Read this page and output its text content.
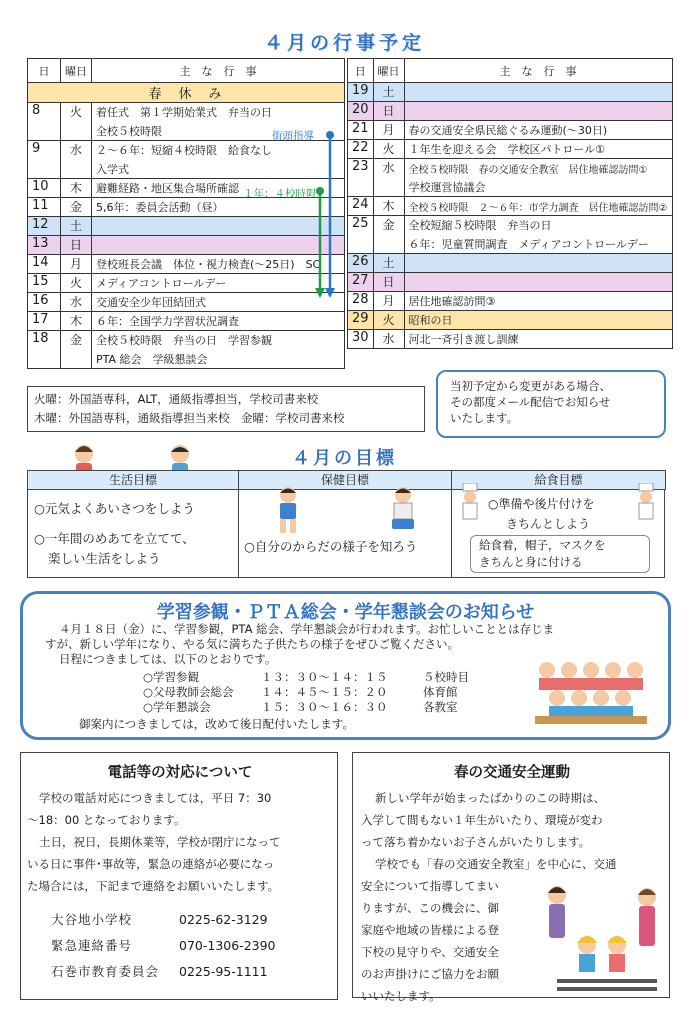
４月の行事予定
日	曜日	主　な　行　事
春　休　み		
8	火	着任式　第１学期始業式　弁当の日
		全校５校時限
9	水	２～６年：短縮４校時限　給食なし
		入学式
10	木	避難経路・地区集合場所確認
11	金	5,6年：委員会活動（昼）
12	土	
13	日	
14	月	登校班長会議　体位・視力検査(～25日)　SC
15	火	メディアコントロールデー
16	水	交通安全少年団結団式
17	木	６年：全国学力学習状況調査
18	金	全校５校時限　弁当の日　学習参観
		PTA 総会　学級懇談会
日	曜日	主　な　行　事
19	土	
20	日	
21	月	春の交通安全県民総ぐるみ運動(～30日)
22	火	１年生を迎える会　学校区パトロール①
23	水	全校５校時限　春の交通安全教室　居住地確認訪問①
		学校運営協議会
24	木	全校５校時限　２～６年：市学力調査　居住地確認訪問②
25	金	全校短縮５校時限　弁当の日
		６年：児童質問調査　メディアコントロールデー
26	土	
27	日	
28	月	居住地確認訪問③
29	火	昭和の日
30	水	河北一斉引き渡し訓練
街頭指導
１年：４校時限
火曜：外国語専科，ALT，通級指導担当，学校司書来校
木曜：外国語専科，通級指導担当来校　金曜：学校司書来校
当初予定から変更がある場合、
その都度メール配信でお知らせ
いたします。
４月の目標
生活目標	保健目標	給食目標
○元気よくあいさつをしよう
○一年間のめあてを立てて、
楽しい生活をしよう
○自分のからだの様子を知ろう
○準備や後片付けを
きちんとしよう
給食着，帽子，マスクを
きちんと身に付ける
学習参観・ＰＴＡ総会・学年懇談会のお知らせ
４月１８日（金）に、学習参観，PTA 総会、学年懇談会が行われます。お忙しいこととは存じま
すが、新しい学年になり、やる気に満ちた子供たちの様子をぜひご覧ください。
日程につきましては、以下のとおりです。
○学習参観	１３：３０～１４：１５	５校時目
○父母教師会総会	１４：４５～１５：２０	体育館
○学年懇談会	１５：３０～１６：３０	各教室
御案内につきましては，改めて後日配付いたします。
電話等の対応について
学校の電話対応につきましては，平日 7：30
～18：00 となっております。
土日，祝日，長期休業等，学校が閉庁になって
いる日に事件･事故等，緊急の連絡が必要になっ
た場合には，下記まで連絡をお願いいたします。
大谷地小学校	0225-62-3129
緊急連絡番号	070-1306-2390
石巻市教育委員会	0225-95-1111
春の交通安全運動
新しい学年が始まったばかりのこの時期は、
入学して間もない１年生がいたり、環境が変わ
って落ち着かないお子さんがいたりします。
学校でも「春の交通安全教室」を中心に、交通
安全について指導してまい
りますが、この機会に、御
家庭や地域の皆様による登
下校の見守りや、交通安全
のお声掛けにご協力をお願
いいたします。
